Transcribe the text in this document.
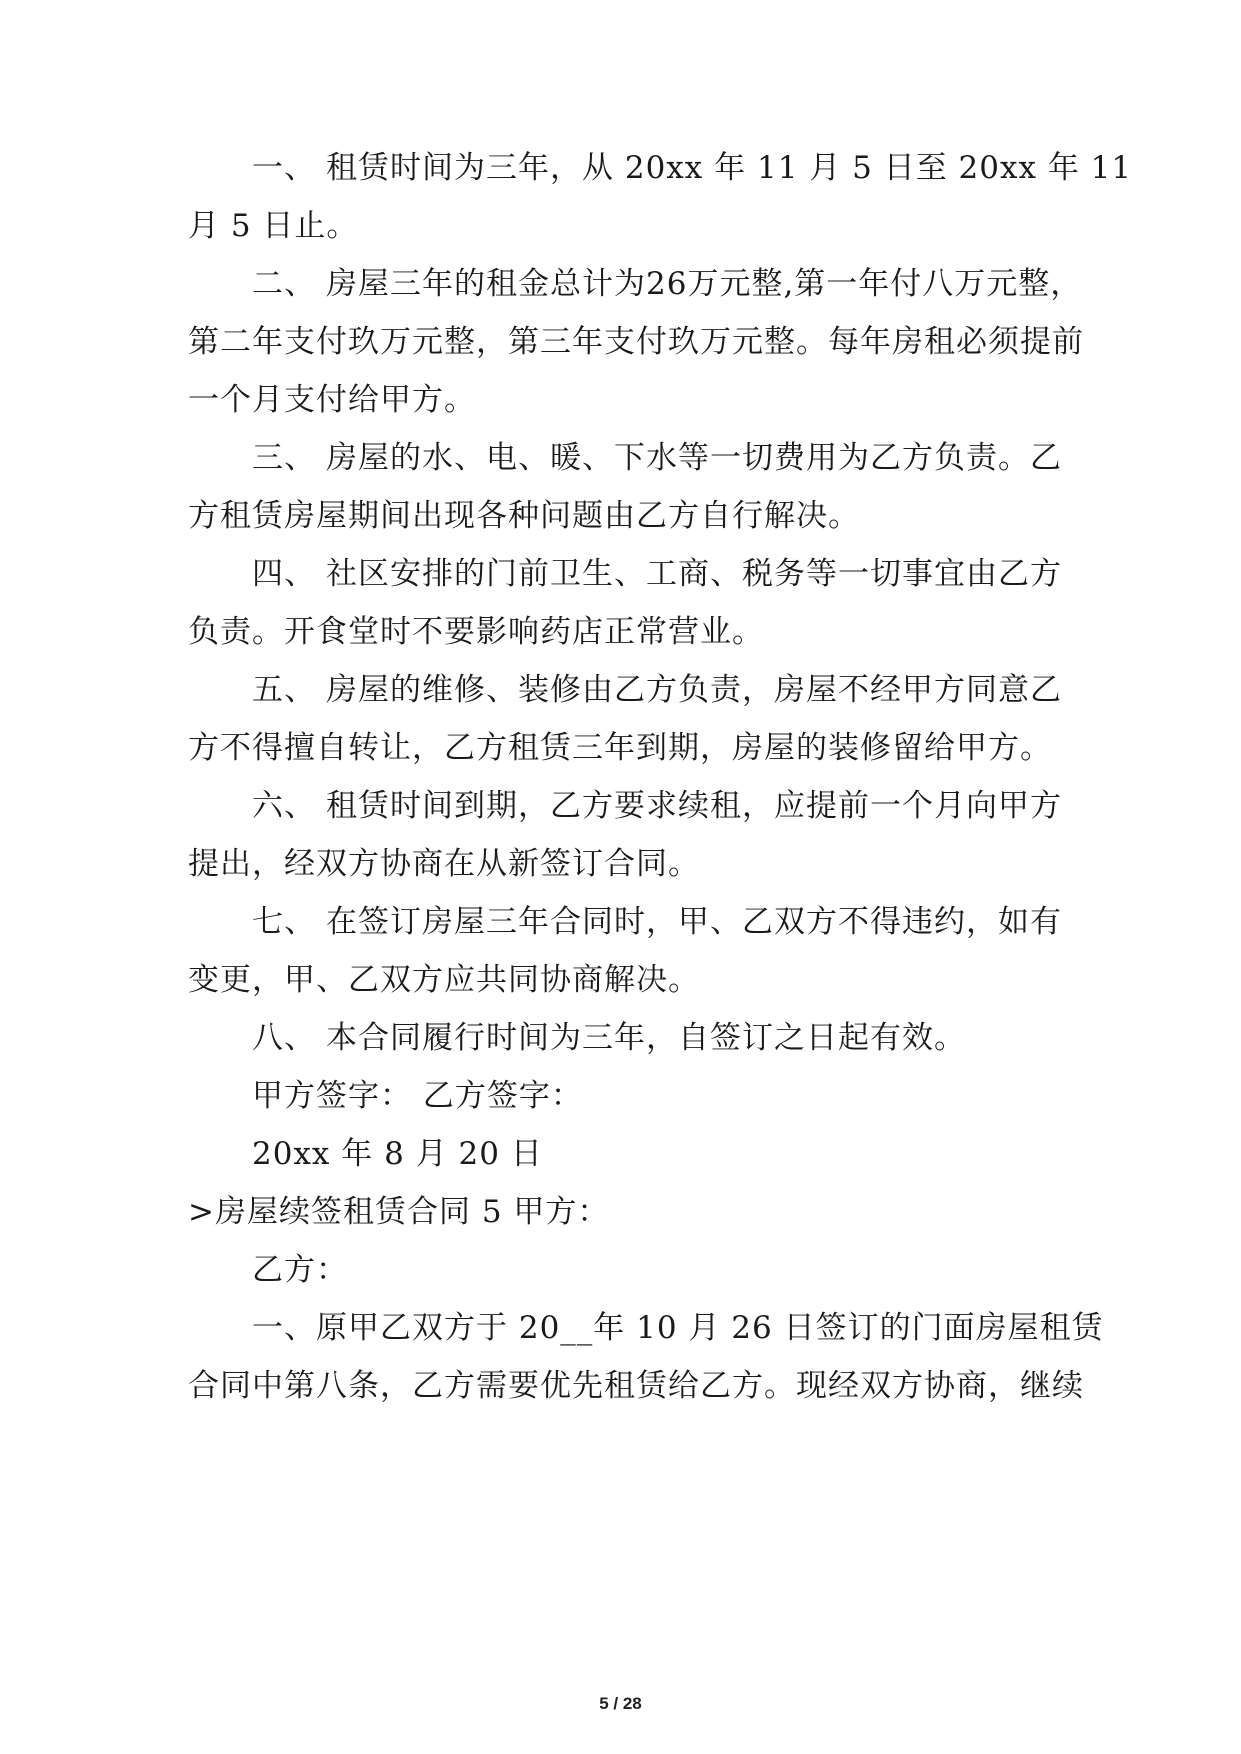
一、 租赁时间为三年，从 20xx 年 11 月 5 日至 20xx 年 11
月 5 日止。
二、 房屋三年的租金总计为26万元整,第一年付八万元整，
第二年支付玖万元整，第三年支付玖万元整。每年房租必须提前
一个月支付给甲方。
三、 房屋的水、电、暖、下水等一切费用为乙方负责。乙
方租赁房屋期间出现各种问题由乙方自行解决。
四、 社区安排的门前卫生、工商、税务等一切事宜由乙方
负责。开食堂时不要影响药店正常营业。
五、 房屋的维修、装修由乙方负责，房屋不经甲方同意乙
方不得擅自转让，乙方租赁三年到期，房屋的装修留给甲方。
六、 租赁时间到期，乙方要求续租，应提前一个月向甲方
提出，经双方协商在从新签订合同。
七、 在签订房屋三年合同时，甲、乙双方不得违约，如有
变更，甲、乙双方应共同协商解决。
八、 本合同履行时间为三年，自签订之日起有效。
甲方签字： 乙方签字：
20xx 年 8 月 20 日
>房屋续签租赁合同 5 甲方：
乙方：
一、原甲乙双方于 20__年 10 月 26 日签订的门面房屋租赁
合同中第八条，乙方需要优先租赁给乙方。现经双方协商，继续
5 / 28
